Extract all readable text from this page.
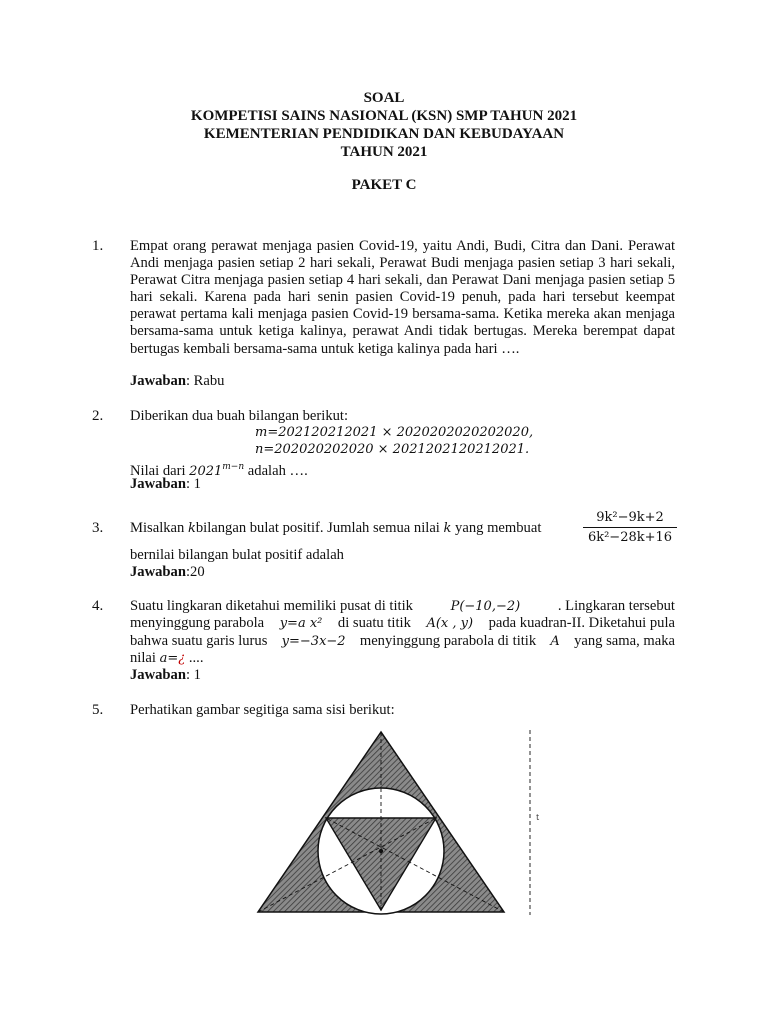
SOAL
KOMPETISI SAINS NASIONAL (KSN) SMP TAHUN 2021
KEMENTERIAN PENDIDIKAN DAN KEBUDAYAAN
TAHUN 2021
PAKET C
1. Empat orang perawat menjaga pasien Covid-19, yaitu Andi, Budi, Citra dan Dani. Perawat Andi menjaga pasien setiap 2 hari sekali, Perawat Budi menjaga pasien setiap 3 hari sekali, Perawat Citra menjaga pasien setiap 4 hari sekali, dan Perawat Dani menjaga pasien setiap 5 hari sekali. Karena pada hari senin pasien Covid-19 penuh, pada hari tersebut keempat perawat pertama kali menjaga pasien Covid-19 bersama-sama. Ketika mereka akan menjaga bersama-sama untuk ketiga kalinya, perawat Andi tidak bertugas. Mereka berempat dapat bertugas kembali bersama-sama untuk ketiga kalinya pada hari ….
Jawaban: Rabu
2. Diberikan dua buah bilangan berikut:
m=202120212021 × 2020202020202020,
n=202020202020 × 2021202120212021.
Nilai dari $2021^{m-n}$ adalah ….
Jawaban: 1
3. Misalkan kbilangan bulat positif. Jumlah semua nilai k yang membuat	$\frac{\text{9k²−9k+2}}{\text{6k²−28k+16}}$
bernilai bilangan bulat positif adalah
Jawaban:20
4. Suatu lingkaran diketahui memiliki pusat di titik	P(−10,−2)	. Lingkaran tersebut
menyinggung parabola y=a x² di suatu titik A(x , y) pada kuadran-II. Diketahui pula
bahwa suatu garis lurus y=−3x−2 menyinggung parabola di titik A yang sama, maka
nilai a=¿ ....
Jawaban: 1
5. Perhatikan gambar segitiga sama sisi berikut:
t
